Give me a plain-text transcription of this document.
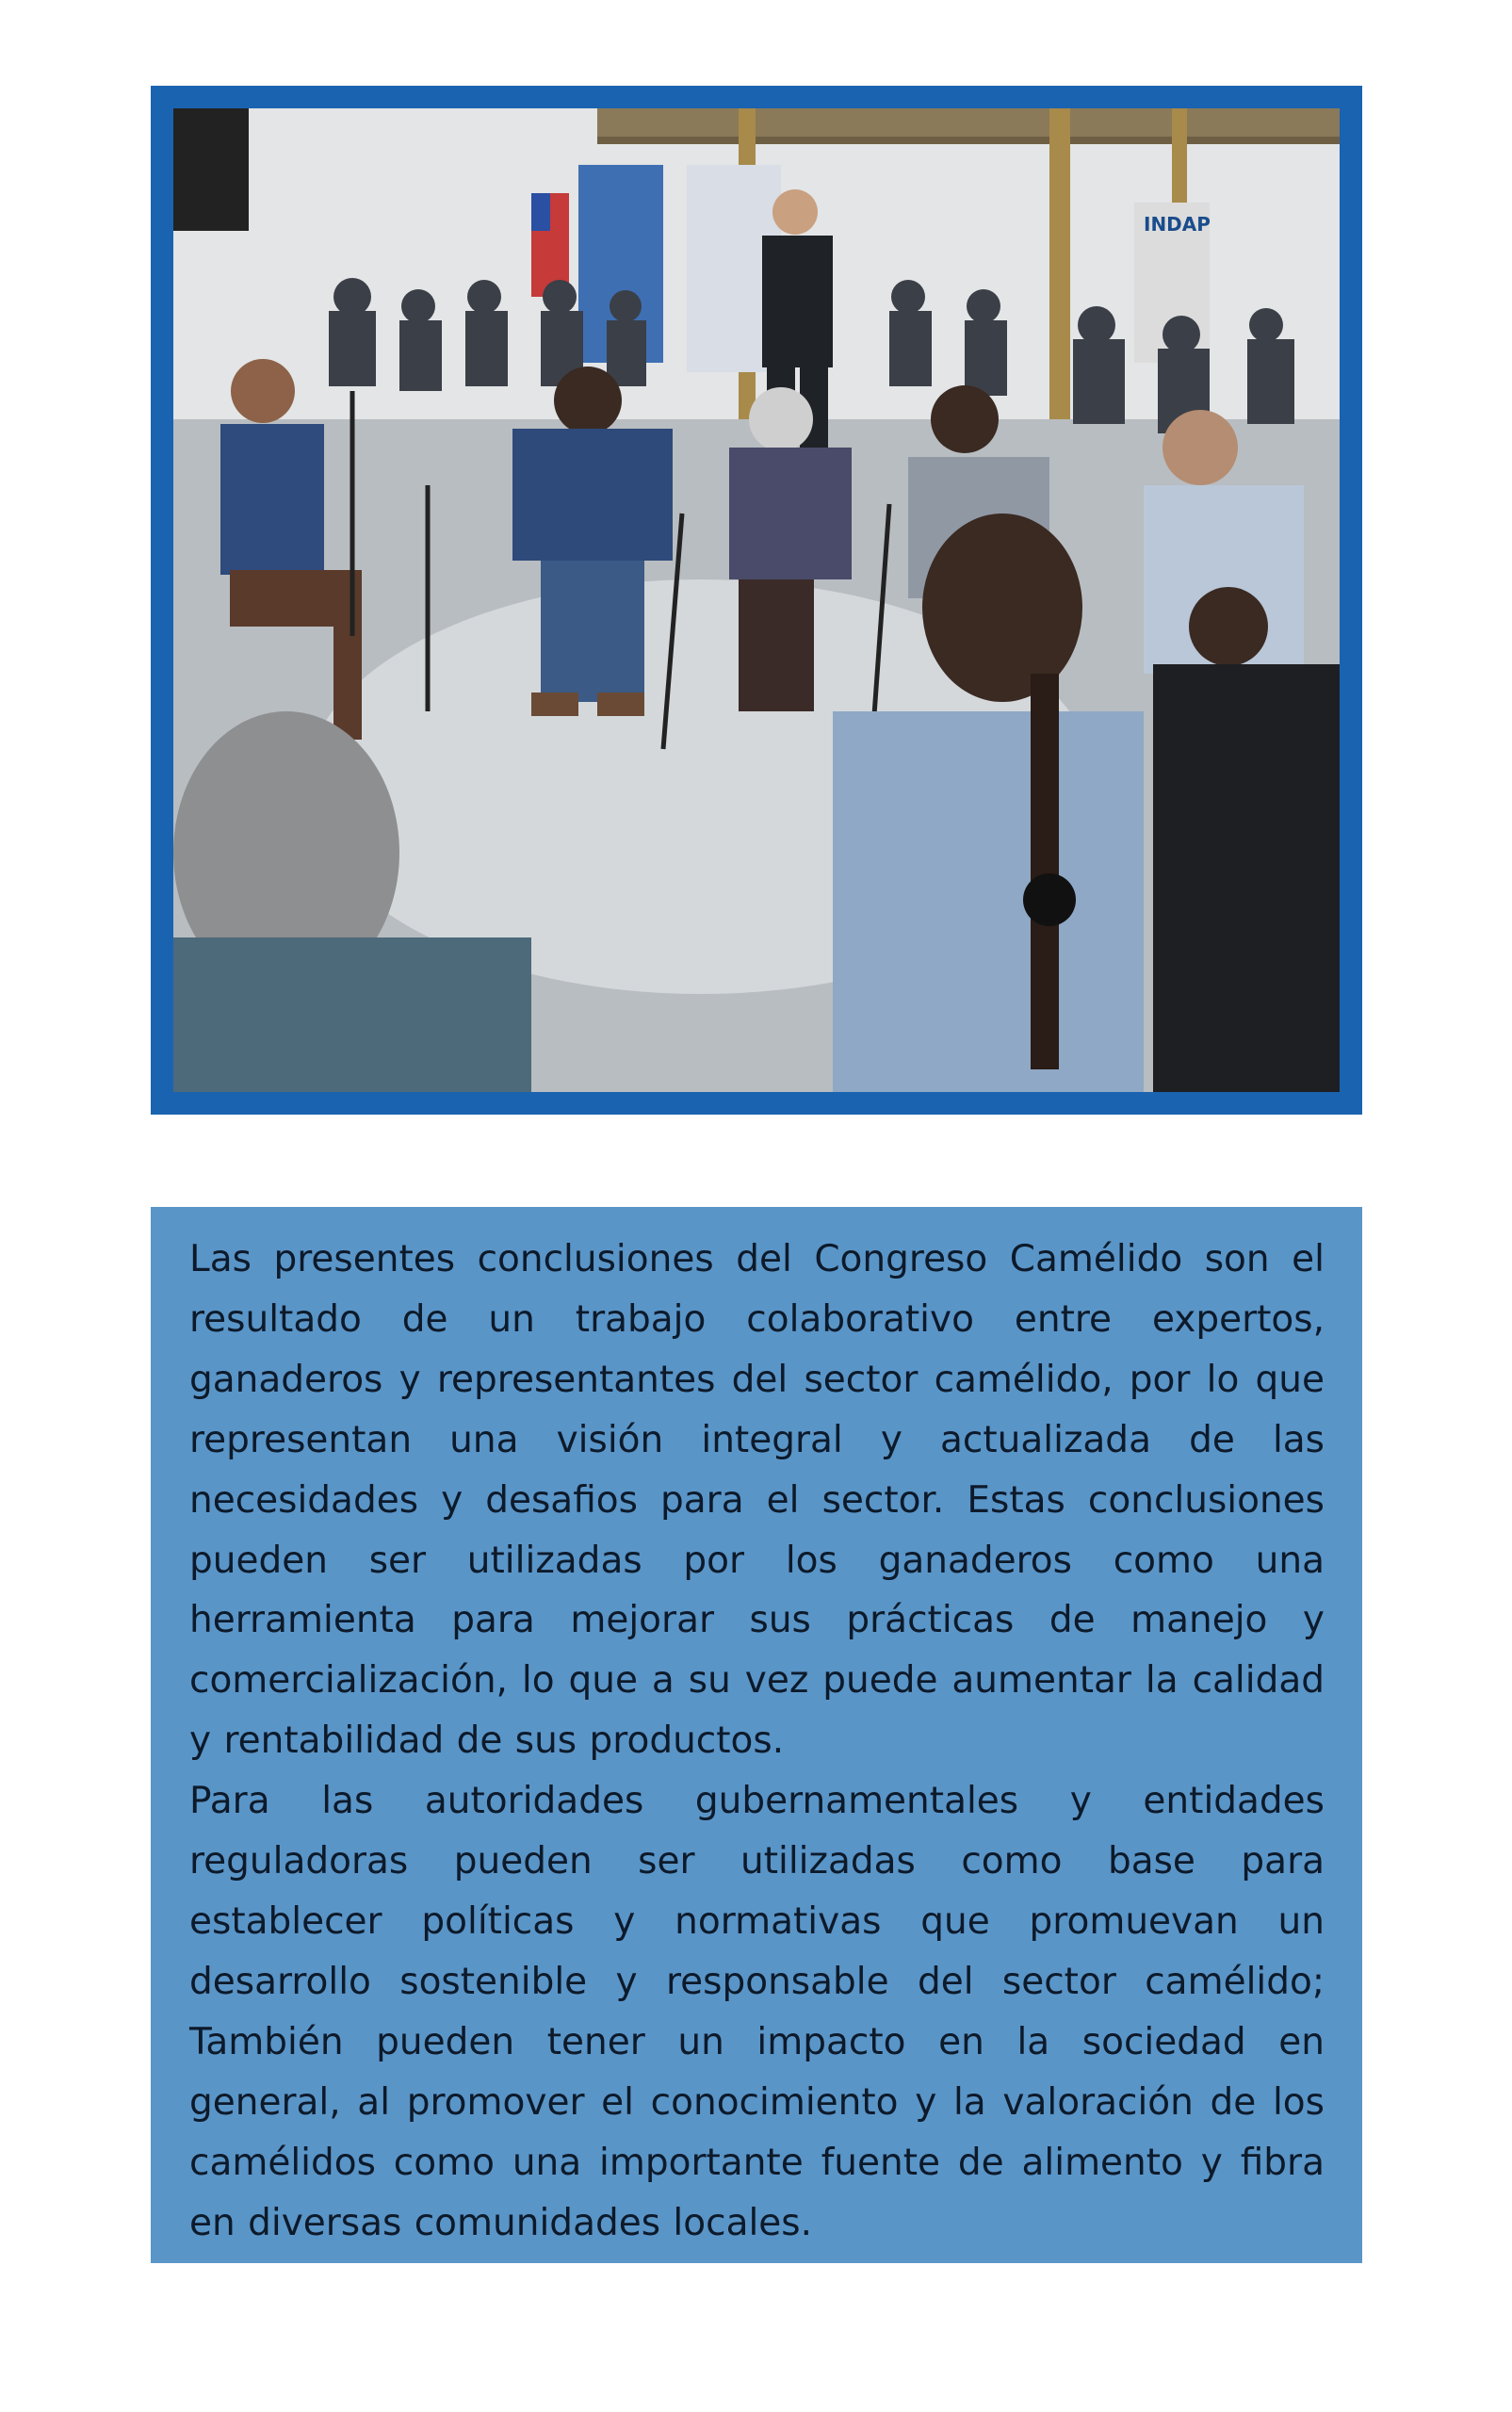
INDAP

Las presentes conclusiones del Congreso Camélido son el resultado de un trabajo colaborativo entre expertos, ganaderos y representantes del sector camélido, por lo que representan una visión integral y actualizada de las necesidades y desafios para el sector. Estas conclusiones pueden ser utilizadas por los ganaderos como una herramienta para mejorar sus prácticas de manejo y comercialización, lo que a su vez puede aumentar la calidad y rentabilidad de sus productos.

Para las autoridades gubernamentales y entidades reguladoras pueden ser utilizadas como base para establecer políticas y normativas que promuevan un desarrollo sostenible y responsable del sector camélido; También pueden tener un impacto en la sociedad en general, al promover el conocimiento y la valoración de los camélidos como una importante fuente de alimento y fibra en diversas comunidades locales.
